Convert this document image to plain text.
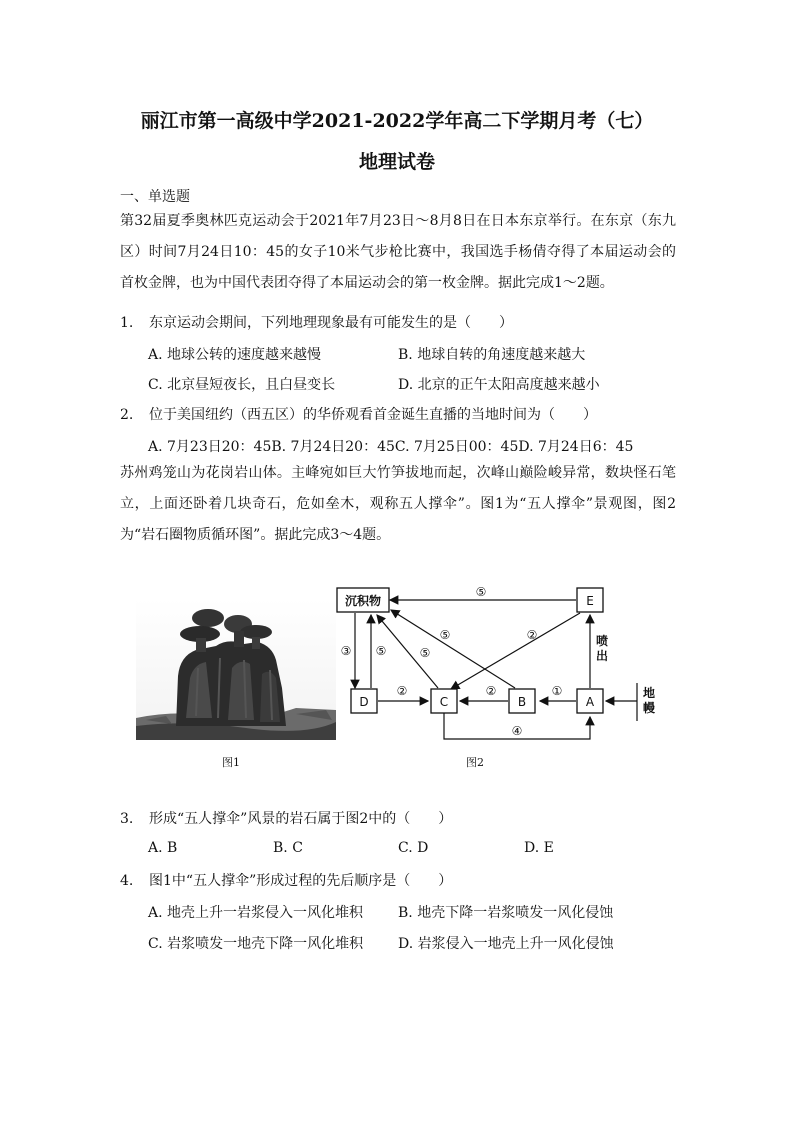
丽江市第一高级中学2021-2022学年高二下学期月考（七）
地理试卷
一、单选题
第32届夏季奥林匹克运动会于2021年7月23日～8月8日在日本东京举行。在东京（东九区）时间7月24日10：45的女子10米气步枪比赛中，我国选手杨倩夺得了本届运动会的首枚金牌，也为中国代表团夺得了本届运动会的第一枚金牌。据此完成1～2题。
1. 东京运动会期间，下列地理现象最有可能发生的是（　　）
A. 地球公转的速度越来越慢	B. 地球自转的角速度越来越大
C. 北京昼短夜长，且白昼变长	D. 北京的正午太阳高度越来越小
2. 位于美国纽约（西五区）的华侨观看首金诞生直播的当地时间为（　　）
A. 7月23日20：45B. 7月24日20：45C. 7月25日00：45D. 7月24日6：45
苏州鸡笼山为花岗岩山体。主峰宛如巨大竹笋拔地而起，次峰山巅险峻异常，数块怪石笔立，上面还卧着几块奇石，危如垒木，观称五人撑伞”。图1为“五人撑伞”景观图，图2为“岩石圈物质循环图”。据此完成3～4题。
图1
沉积物
D	C	B	A
E
⑤
③ ⑤	⑤
⑤	②
②	②	①
④
喷出
地幔
图2
3. 形成“五人撑伞”风景的岩石属于图2中的（　　）
A. B	B. C	C. D	D. E
4. 图1中“五人撑伞”形成过程的先后顺序是（　　）
A. 地壳上升一岩浆侵入一风化堆积 B. 地壳下降一岩浆喷发一风化侵蚀
C. 岩浆喷发一地壳下降一风化堆积 D. 岩浆侵入一地壳上升一风化侵蚀
